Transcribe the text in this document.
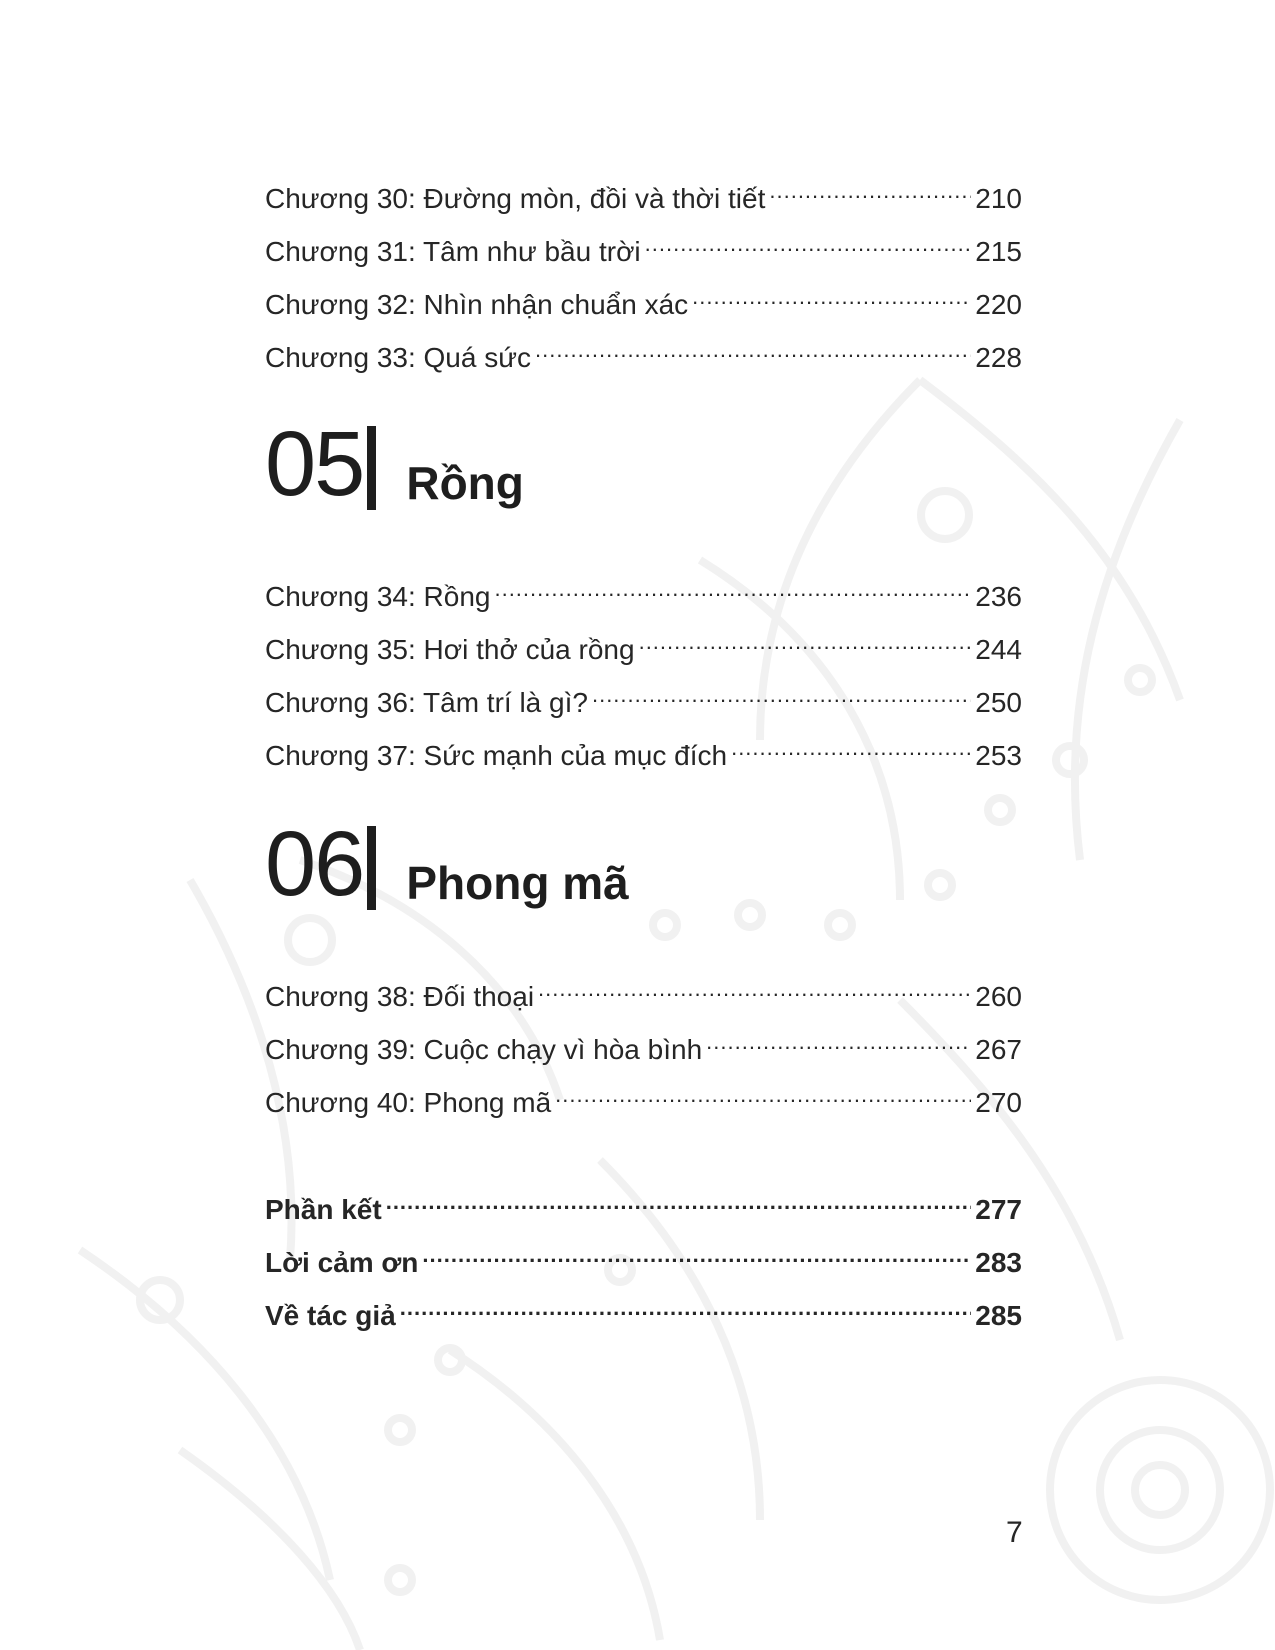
Chương 30: Đường mòn, đồi và thời tiết .....	210
Chương 31: Tâm như bầu trời .....	215
Chương 32: Nhìn nhận chuẩn xác .....	220
Chương 33: Quá sức .....	228
05 Rồng
Chương 34: Rồng .....	236
Chương 35: Hơi thở của rồng .....	244
Chương 36: Tâm trí là gì? .....	250
Chương 37: Sức mạnh của mục đích .....	253
06 Phong mã
Chương 38: Đối thoại .....	260
Chương 39: Cuộc chạy vì hòa bình .....	267
Chương 40: Phong mã .....	270
Phần kết .....	277
Lời cảm ơn .....	283
Về tác giả .....	285
7
